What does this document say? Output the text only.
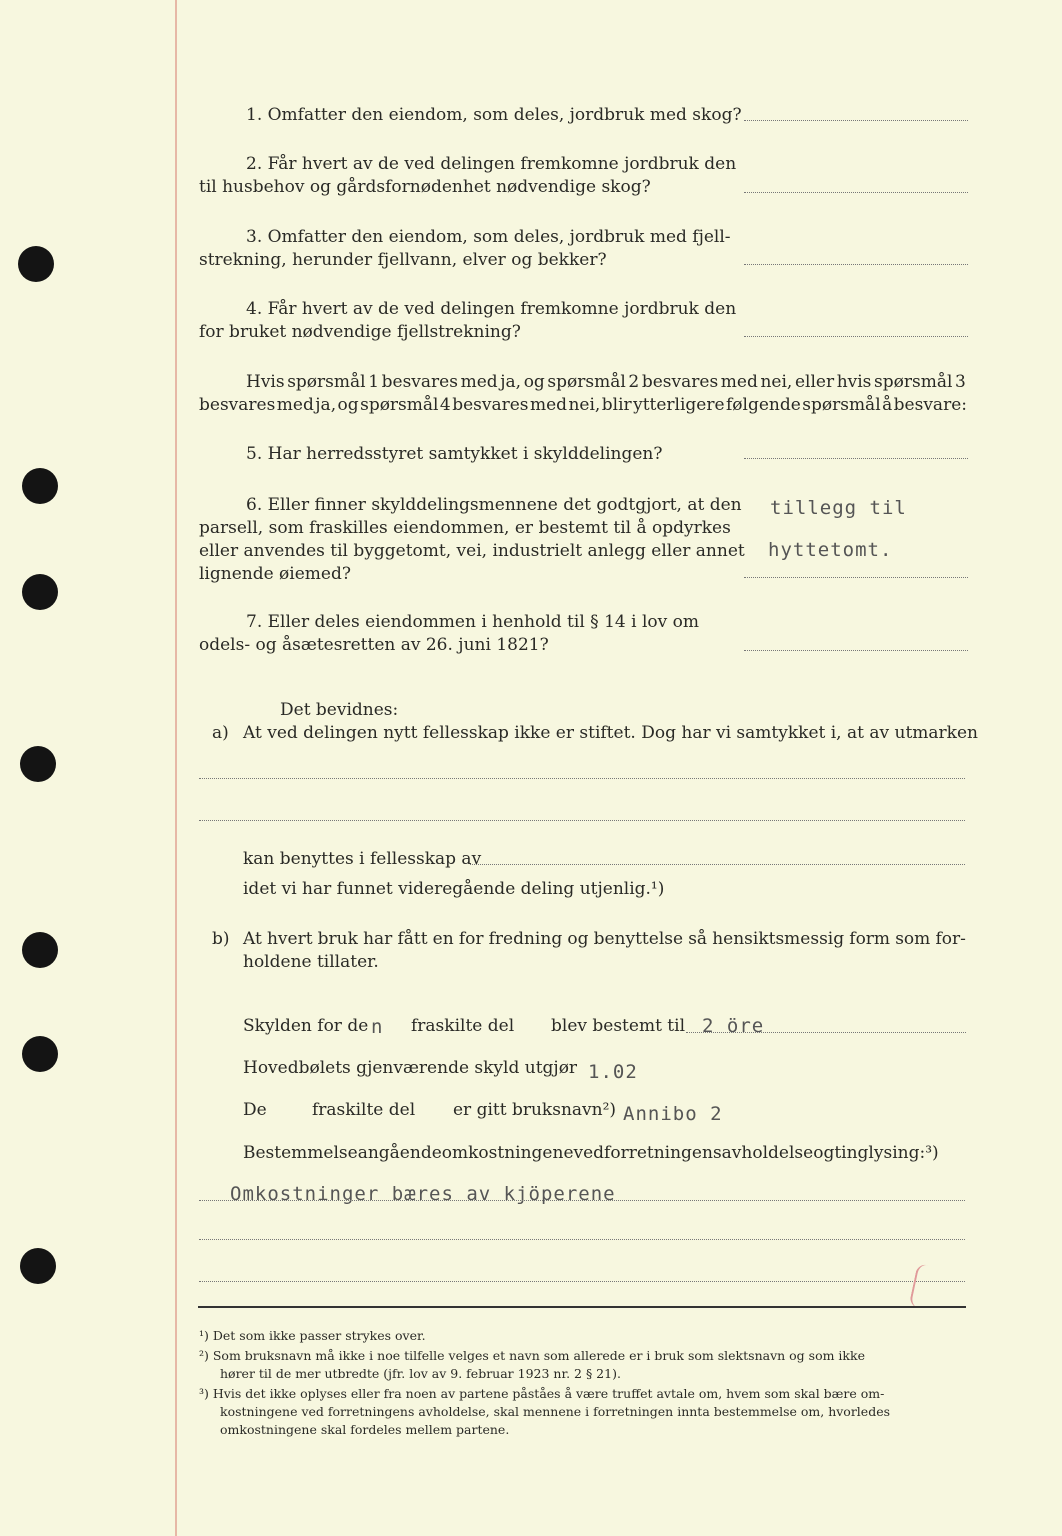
1. Omfatter den eiendom, som deles, jordbruk med skog?
2. Får hvert av de ved delingen fremkomne jordbruk den
til husbehov og gårdsfornødenhet nødvendige skog?
3. Omfatter den eiendom, som deles, jordbruk med fjell-
strekning, herunder fjellvann, elver og bekker?
4. Får hvert av de ved delingen fremkomne jordbruk den
for bruket nødvendige fjellstrekning?
Hvis spørsmål 1 besvares med ja, og spørsmål 2 besvares med nei, eller hvis spørsmål 3
besvares med ja, og spørsmål 4 besvares med nei, blir ytterligere følgende spørsmål å besvare:
5. Har herredsstyret samtykket i skylddelingen?
6. Eller finner skylddelingsmennene det godtgjort, at den
parsell, som fraskilles eiendommen, er bestemt til å opdyrkes
eller anvendes til byggetomt, vei, industrielt anlegg eller annet
lignende øiemed?
tillegg til
hyttetomt.
7. Eller deles eiendommen i henhold til § 14 i lov om
odels- og åsætesretten av 26. juni 1821?
Det bevidnes:
a) At ved delingen nytt fellesskap ikke er stiftet. Dog har vi samtykket i, at av utmarken
kan benyttes i fellesskap av
idet vi har funnet videregående deling utjenlig.¹)
b) At hvert bruk har fått en for fredning og benyttelse så hensiktsmessig form som for-
holdene tillater.
Skylden for de n fraskilte del blev bestemt til 2 öre
Hovedbølets gjenværende skyld utgjør 1.02
De	fraskilte del er gitt bruksnavn²) Annibo 2
Bestemmelse angående omkostningene ved forretningens avholdelse og tinglysing:³)
Omkostninger bæres av kjöperene
¹) Det som ikke passer strykes over.
²) Som bruksnavn må ikke i noe tilfelle velges et navn som allerede er i bruk som slektsnavn og som ikke
hører til de mer utbredte (jfr. lov av 9. februar 1923 nr. 2 § 21).
³) Hvis det ikke oplyses eller fra noen av partene påståes å være truffet avtale om, hvem som skal bære om-
kostningene ved forretningens avholdelse, skal mennene i forretningen innta bestemmelse om, hvorledes
omkostningene skal fordeles mellem partene.
